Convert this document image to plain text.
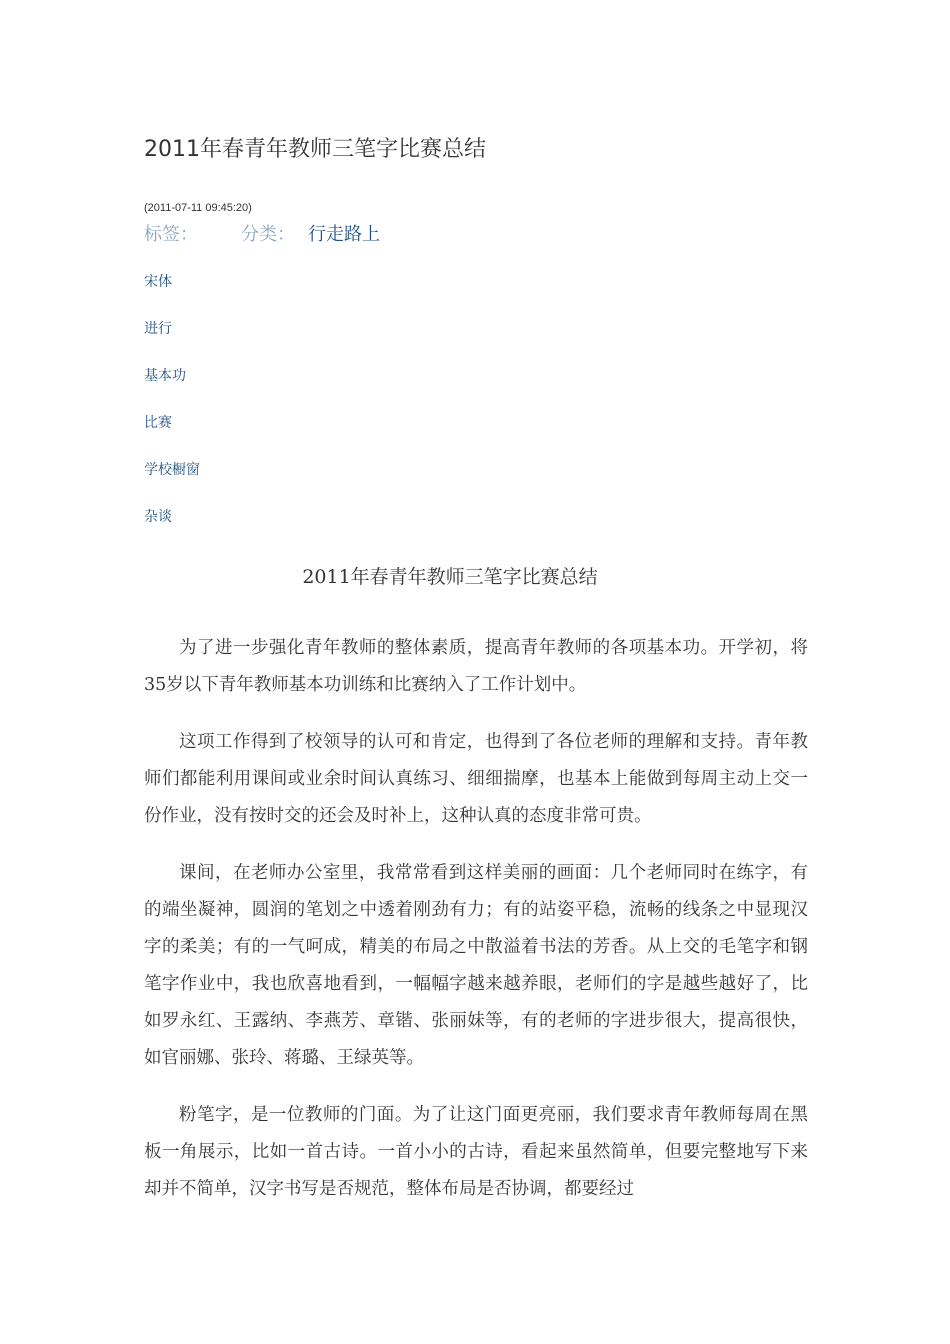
2011年春青年教师三笔字比赛总结
(2011-07-11 09:45:20)
标签： 分类： 行走路上
宋体
进行
基本功
比赛
学校橱窗
杂谈
2011年春青年教师三笔字比赛总结

为了进一步强化青年教师的整体素质，提高青年教师的各项基本功。开学初，将35岁以下青年教师基本功训练和比赛纳入了工作计划中。

这项工作得到了校领导的认可和肯定，也得到了各位老师的理解和支持。青年教师们都能利用课间或业余时间认真练习、细细揣摩，也基本上能做到每周主动上交一份作业，没有按时交的还会及时补上，这种认真的态度非常可贵。

课间，在老师办公室里，我常常看到这样美丽的画面：几个老师同时在练字，有的端坐凝神，圆润的笔划之中透着刚劲有力；有的站姿平稳，流畅的线条之中显现汉字的柔美；有的一气呵成，精美的布局之中散溢着书法的芳香。从上交的毛笔字和钢笔字作业中，我也欣喜地看到，一幅幅字越来越养眼，老师们的字是越些越好了，比如罗永红、王露纳、李燕芳、章锴、张丽妹等，有的老师的字进步很大，提高很快，如官丽娜、张玲、蒋璐、王绿英等。

粉笔字，是一位教师的门面。为了让这门面更亮丽，我们要求青年教师每周在黑板一角展示，比如一首古诗。一首小小的古诗，看起来虽然简单，但要完整地写下来却并不简单，汉字书写是否规范，整体布局是否协调，都要经过
